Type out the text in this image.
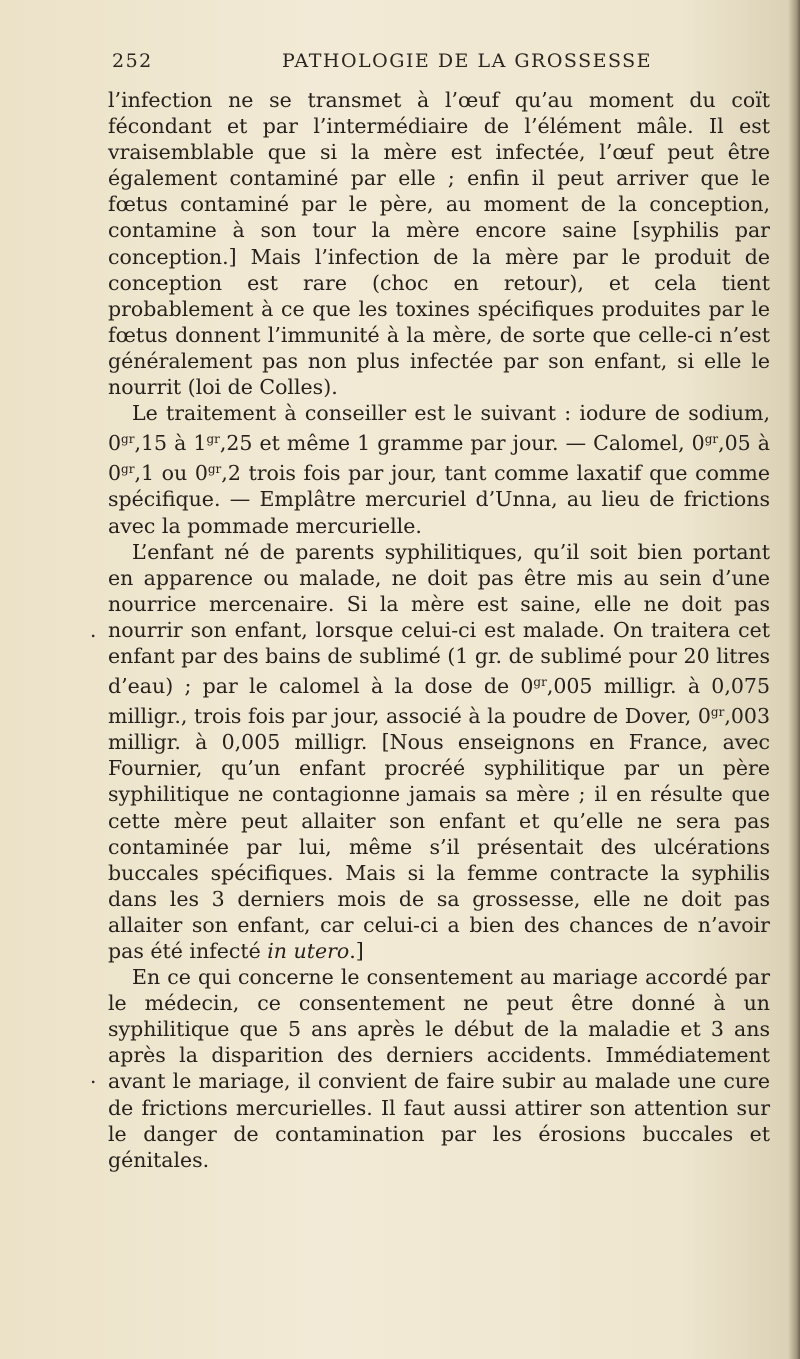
252	PATHOLOGIE DE LA GROSSESSE

l’infection ne se transmet à l’œuf qu’au moment du coït fécondant et par l’intermédiaire de l’élément mâle. Il est vraisemblable que si la mère est infectée, l’œuf peut être également contaminé par elle ; enfin il peut arriver que le fœtus contaminé par le père, au moment de la conception, contamine à son tour la mère encore saine [syphilis par conception.] Mais l’infection de la mère par le produit de conception est rare (choc en retour), et cela tient probablement à ce que les toxines spécifiques produites par le fœtus donnent l’immunité à la mère, de sorte que celle-ci n’est généralement pas non plus infectée par son enfant, si elle le nourrit (loi de Colles).

Le traitement à conseiller est le suivant : iodure de sodium, $0^{gr},15$ à $1^{gr},25$ et même 1 gramme par jour. — Calomel, $0^{gr},05$ à $0^{gr},1$ ou $0^{gr},2$ trois fois par jour, tant comme laxatif que comme spécifique. — Emplâtre mercuriel d’Unna, au lieu de frictions avec la pommade mercurielle.

L’enfant né de parents syphilitiques, qu’il soit bien portant en apparence ou malade, ne doit pas être mis au sein d’une nourrice mercenaire. Si la mère est saine, elle ne doit pas nourrir son enfant, lorsque celui-ci est malade. On traitera cet enfant par des bains de sublimé (1 gr. de sublimé pour 20 litres d’eau) ; par le calomel à la dose de $0^{gr},005$ milligr. à 0,075 milligr., trois fois par jour, associé à la poudre de Dover, $0^{gr},003$ milligr. à 0,005 milligr. [Nous enseignons en France, avec Fournier, qu’un enfant procréé syphilitique par un père syphilitique ne contagionne jamais sa mère ; il en résulte que cette mère peut allaiter son enfant et qu’elle ne sera pas contaminée par lui, même s’il présentait des ulcérations buccales spécifiques. Mais si la femme contracte la syphilis dans les 3 derniers mois de sa grossesse, elle ne doit pas allaiter son enfant, car celui-ci a bien des chances de n’avoir pas été infecté in utero.]

En ce qui concerne le consentement au mariage accordé par le médecin, ce consentement ne peut être donné à un syphilitique que 5 ans après le début de la maladie et 3 ans après la disparition des derniers accidents. Immédiatement avant le mariage, il convient de faire subir au malade une cure de frictions mercurielles. Il faut aussi attirer son attention sur le danger de contamination par les érosions buccales et génitales.

.
.
